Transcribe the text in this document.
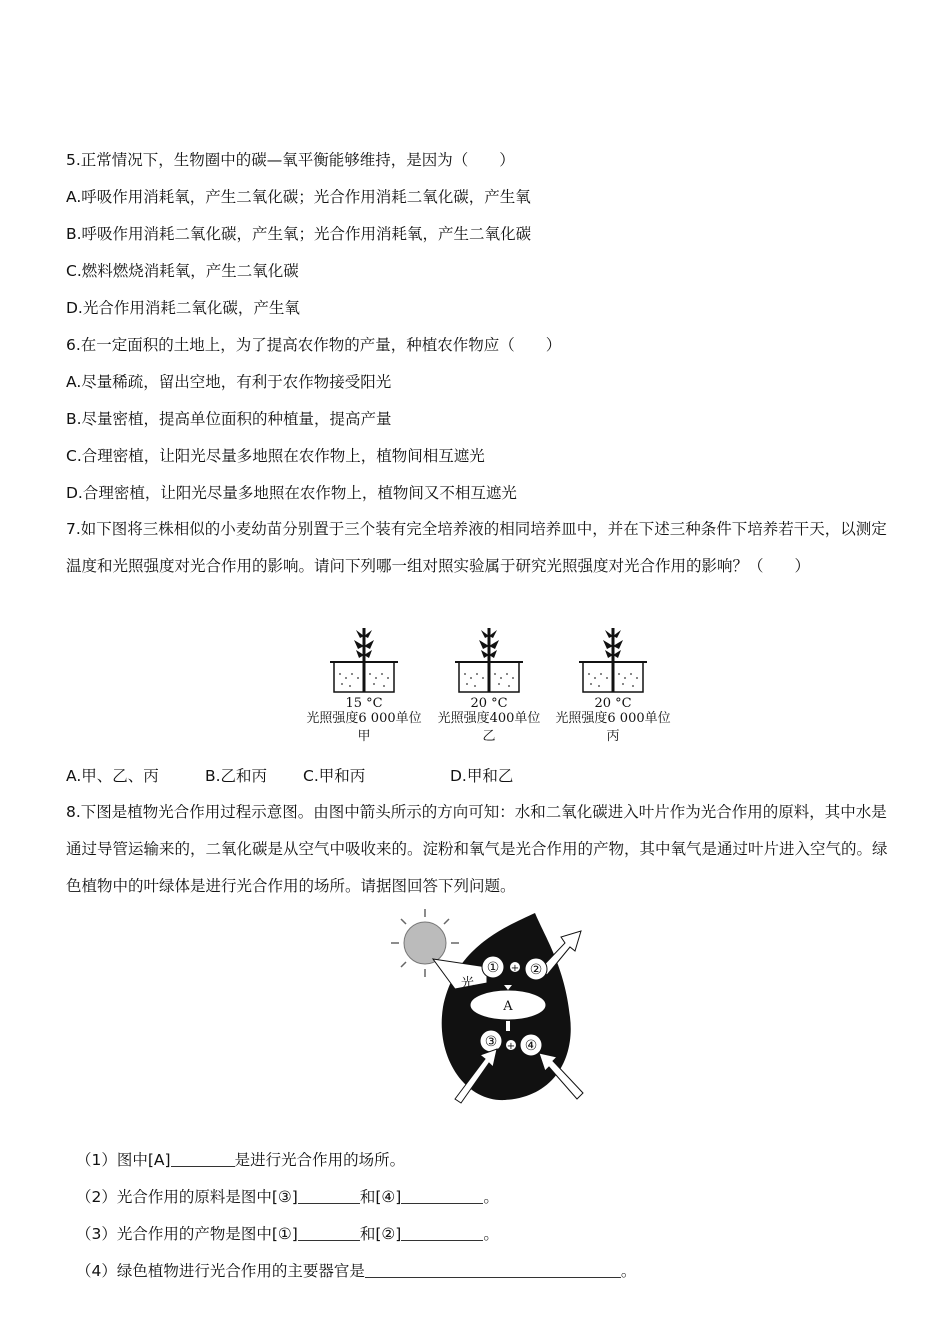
5.正常情况下，生物圈中的碳—氧平衡能够维持，是因为（　　）
A.呼吸作用消耗氧，产生二氧化碳；光合作用消耗二氧化碳，产生氧
B.呼吸作用消耗二氧化碳，产生氧；光合作用消耗氧，产生二氧化碳
C.燃料燃烧消耗氧，产生二氧化碳
D.光合作用消耗二氧化碳，产生氧
6.在一定面积的土地上，为了提高农作物的产量，种植农作物应（　　）
A.尽量稀疏，留出空地，有利于农作物接受阳光
B.尽量密植，提高单位面积的种植量，提高产量
C.合理密植，让阳光尽量多地照在农作物上，植物间相互遮光
D.合理密植，让阳光尽量多地照在农作物上，植物间又不相互遮光
7.如下图将三株相似的小麦幼苗分别置于三个装有完全培养液的相同培养皿中，并在下述三种条件下培养若干天，以测定温度和光照强度对光合作用的影响。请问下列哪一组对照实验属于研究光照强度对光合作用的影响？（　　）
15 °C
光照强度6 000单位
甲
20 °C
光照强度400单位
乙
20 °C
光照强度6 000单位
丙
A.甲、乙、丙	B.乙和丙 C.甲和丙	D.甲和乙
8.下图是植物光合作用过程示意图。由图中箭头所示的方向可知：水和二氧化碳进入叶片作为光合作用的原料，其中水是通过导管运输来的，二氧化碳是从空气中吸收来的。淀粉和氧气是光合作用的产物，其中氧气是通过叶片进入空气的。绿色植物中的叶绿体是进行光合作用的场所。请据图回答下列问题。
光
① + ②
A
③ + ④
（1）图中[A]	是进行光合作用的场所。
（2）光合作用的原料是图中[③]	和[④]	。
（3）光合作用的产物是图中[①]	和[②]	。
（4）绿色植物进行光合作用的主要器官是	。
